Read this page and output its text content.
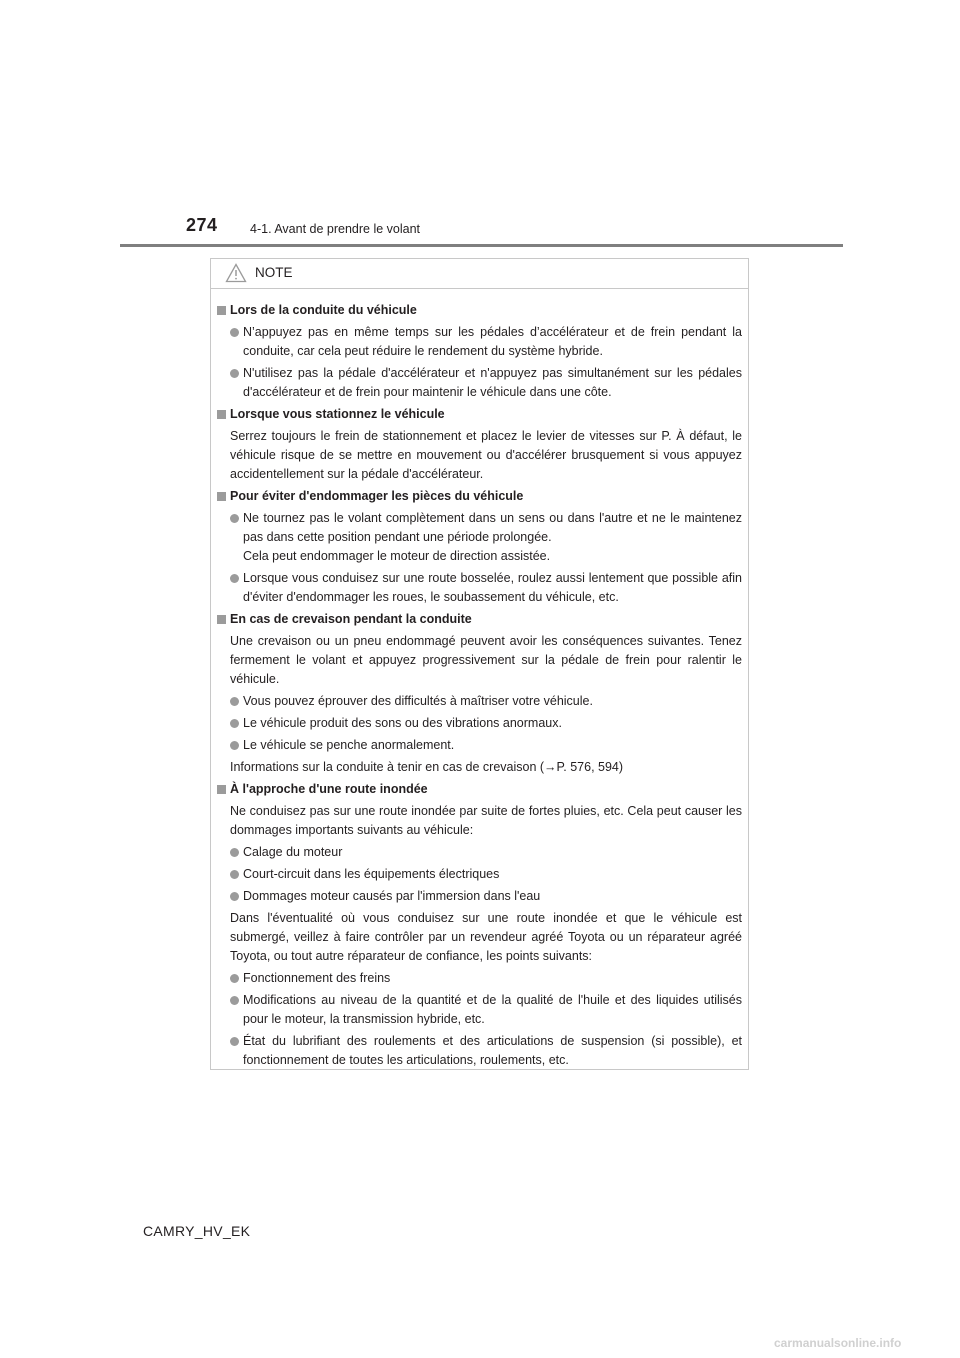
274	4-1. Avant de prendre le volant
NOTE
Lors de la conduite du véhicule
N’appuyez pas en même temps sur les pédales d’accélérateur et de frein pendant la conduite, car cela peut réduire le rendement du système hybride.
N'utilisez pas la pédale d'accélérateur et n'appuyez pas simultanément sur les pédales d'accélérateur et de frein pour maintenir le véhicule dans une côte.
Lorsque vous stationnez le véhicule
Serrez toujours le frein de stationnement et placez le levier de vitesses sur P. À défaut, le véhicule risque de se mettre en mouvement ou d'accélérer brusquement si vous appuyez accidentellement sur la pédale d'accélérateur.
Pour éviter d'endommager les pièces du véhicule
Ne tournez pas le volant complètement dans un sens ou dans l'autre et ne le maintenez pas dans cette position pendant une période prolongée.
Cela peut endommager le moteur de direction assistée.
Lorsque vous conduisez sur une route bosselée, roulez aussi lentement que possible afin d'éviter d'endommager les roues, le soubassement du véhicule, etc.
En cas de crevaison pendant la conduite
Une crevaison ou un pneu endommagé peuvent avoir les conséquences suivantes. Tenez fermement le volant et appuyez progressivement sur la pédale de frein pour ralentir le véhicule.
Vous pouvez éprouver des difficultés à maîtriser votre véhicule.
Le véhicule produit des sons ou des vibrations anormaux.
Le véhicule se penche anormalement.
Informations sur la conduite à tenir en cas de crevaison (→P. 576, 594)
À l'approche d'une route inondée
Ne conduisez pas sur une route inondée par suite de fortes pluies, etc. Cela peut causer les dommages importants suivants au véhicule:
Calage du moteur
Court-circuit dans les équipements électriques
Dommages moteur causés par l'immersion dans l'eau
Dans l'éventualité où vous conduisez sur une route inondée et que le véhicule est submergé, veillez à faire contrôler par un revendeur agréé Toyota ou un réparateur agréé Toyota, ou tout autre réparateur de confiance, les points suivants:
Fonctionnement des freins
Modifications au niveau de la quantité et de la qualité de l'huile et des liquides utilisés pour le moteur, la transmission hybride, etc.
État du lubrifiant des roulements et des articulations de suspension (si possible), et fonctionnement de toutes les articulations, roulements, etc.
CAMRY_HV_EK
carmanualsonline.info
